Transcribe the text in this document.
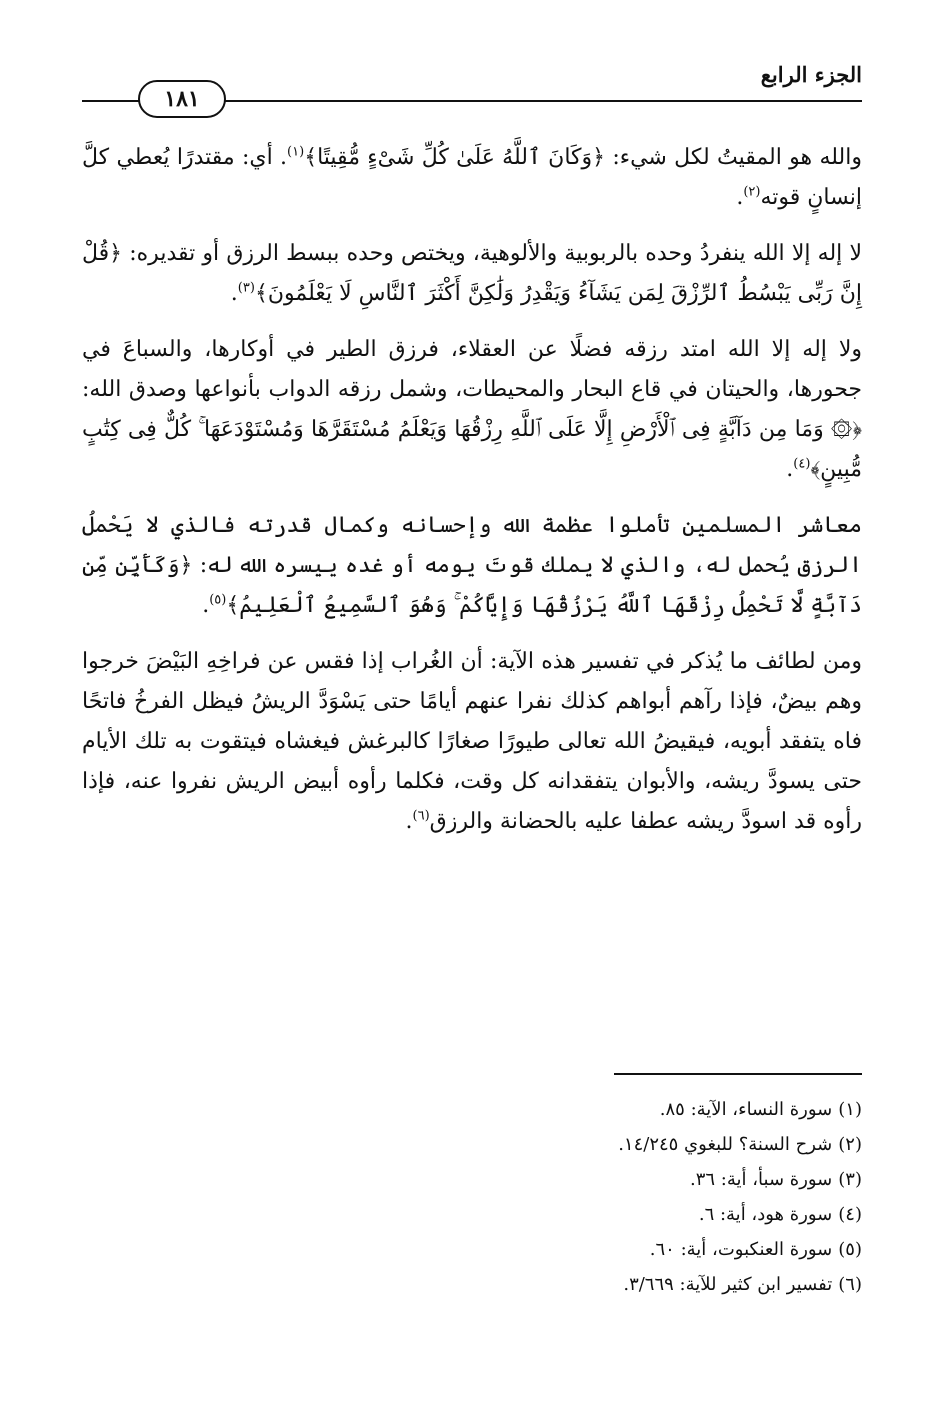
الجزء الرابع
١٨١

والله هو المقيتُ لكل شيء: ﴿وَكَانَ ٱللَّهُ عَلَىٰ كُلِّ شَىْءٍ مُّقِيتًا﴾$^{(١)}$. أي: مقتدرًا يُعطي كلَّ إنسانٍ قوته$^{(٢)}$.

لا إله إلا الله ينفردُ وحده بالربوبية والألوهية، ويختص وحده ببسط الرزق أو تقديره: ﴿قُلْ إِنَّ رَبِّى يَبْسُطُ ٱلرِّزْقَ لِمَن يَشَآءُ وَيَقْدِرُ وَلَٰكِنَّ أَكْثَرَ ٱلنَّاسِ لَا يَعْلَمُونَ﴾$^{(٣)}$.

ولا إله إلا الله امتد رزقه فضلًا عن العقلاء، فرزق الطير في أوكارها، والسباعَ في جحورها، والحيتان في قاع البحار والمحيطات، وشمل رزقه الدواب بأنواعها وصدق الله: ﴿۞ وَمَا مِن دَآبَّةٍ فِى ٱلْأَرْضِ إِلَّا عَلَى ٱللَّهِ رِزْقُهَا وَيَعْلَمُ مُسْتَقَرَّهَا وَمُسْتَوْدَعَهَا ۚ كُلٌّ فِى كِتَٰبٍ مُّبِينٍ﴾$^{(٤)}$.

معاشر المسلمين تأملوا عظمة الله وإحسانه وكمال قدرته فالذي لا يَحْملُ الرزق يُحمل له، والذي لا يملك قوتَ يومه أو غده ييسره الله له: ﴿وَكَأَيِّن مِّن دَآبَّةٍ لَّا تَحْمِلُ رِزْقَهَا ٱللَّهُ يَرْزُقُهَا وَإِيَّاكُمْ ۚ وَهُوَ ٱلسَّمِيعُ ٱلْعَلِيمُ﴾$^{(٥)}$.

ومن لطائف ما يُذكر في تفسير هذه الآية: أن الغُراب إذا فقس عن فراخِهِ البَيْضَ خرجوا وهم بيضٌ، فإذا رآهم أبواهم كذلك نفرا عنهم أيامًا حتى يَسْوَدَّ الريشُ فيظل الفرخُ فاتحًا فاه يتفقد أبويه، فيقيضُ الله تعالى طيورًا صغارًا كالبرغش فيغشاه فيتقوت به تلك الأيام حتى يسودَّ ريشه، والأبوان يتفقدانه كل وقت، فكلما رأوه أبيض الريش نفروا عنه، فإذا رأوه قد اسودَّ ريشه عطفا عليه بالحضانة والرزق$^{(٦)}$.

(١)سورة النساء، الآية: ٨٥.

(٢)شرح السنة؟ للبغوي ١٤/٢٤٥.

(٣)سورة سبأ، أية: ٣٦.

(٤)سورة هود، أية: ٦.

(٥)سورة العنكبوت، أية: ٦٠.

(٦)تفسير ابن كثير للآية: ٣/٦٦٩.
